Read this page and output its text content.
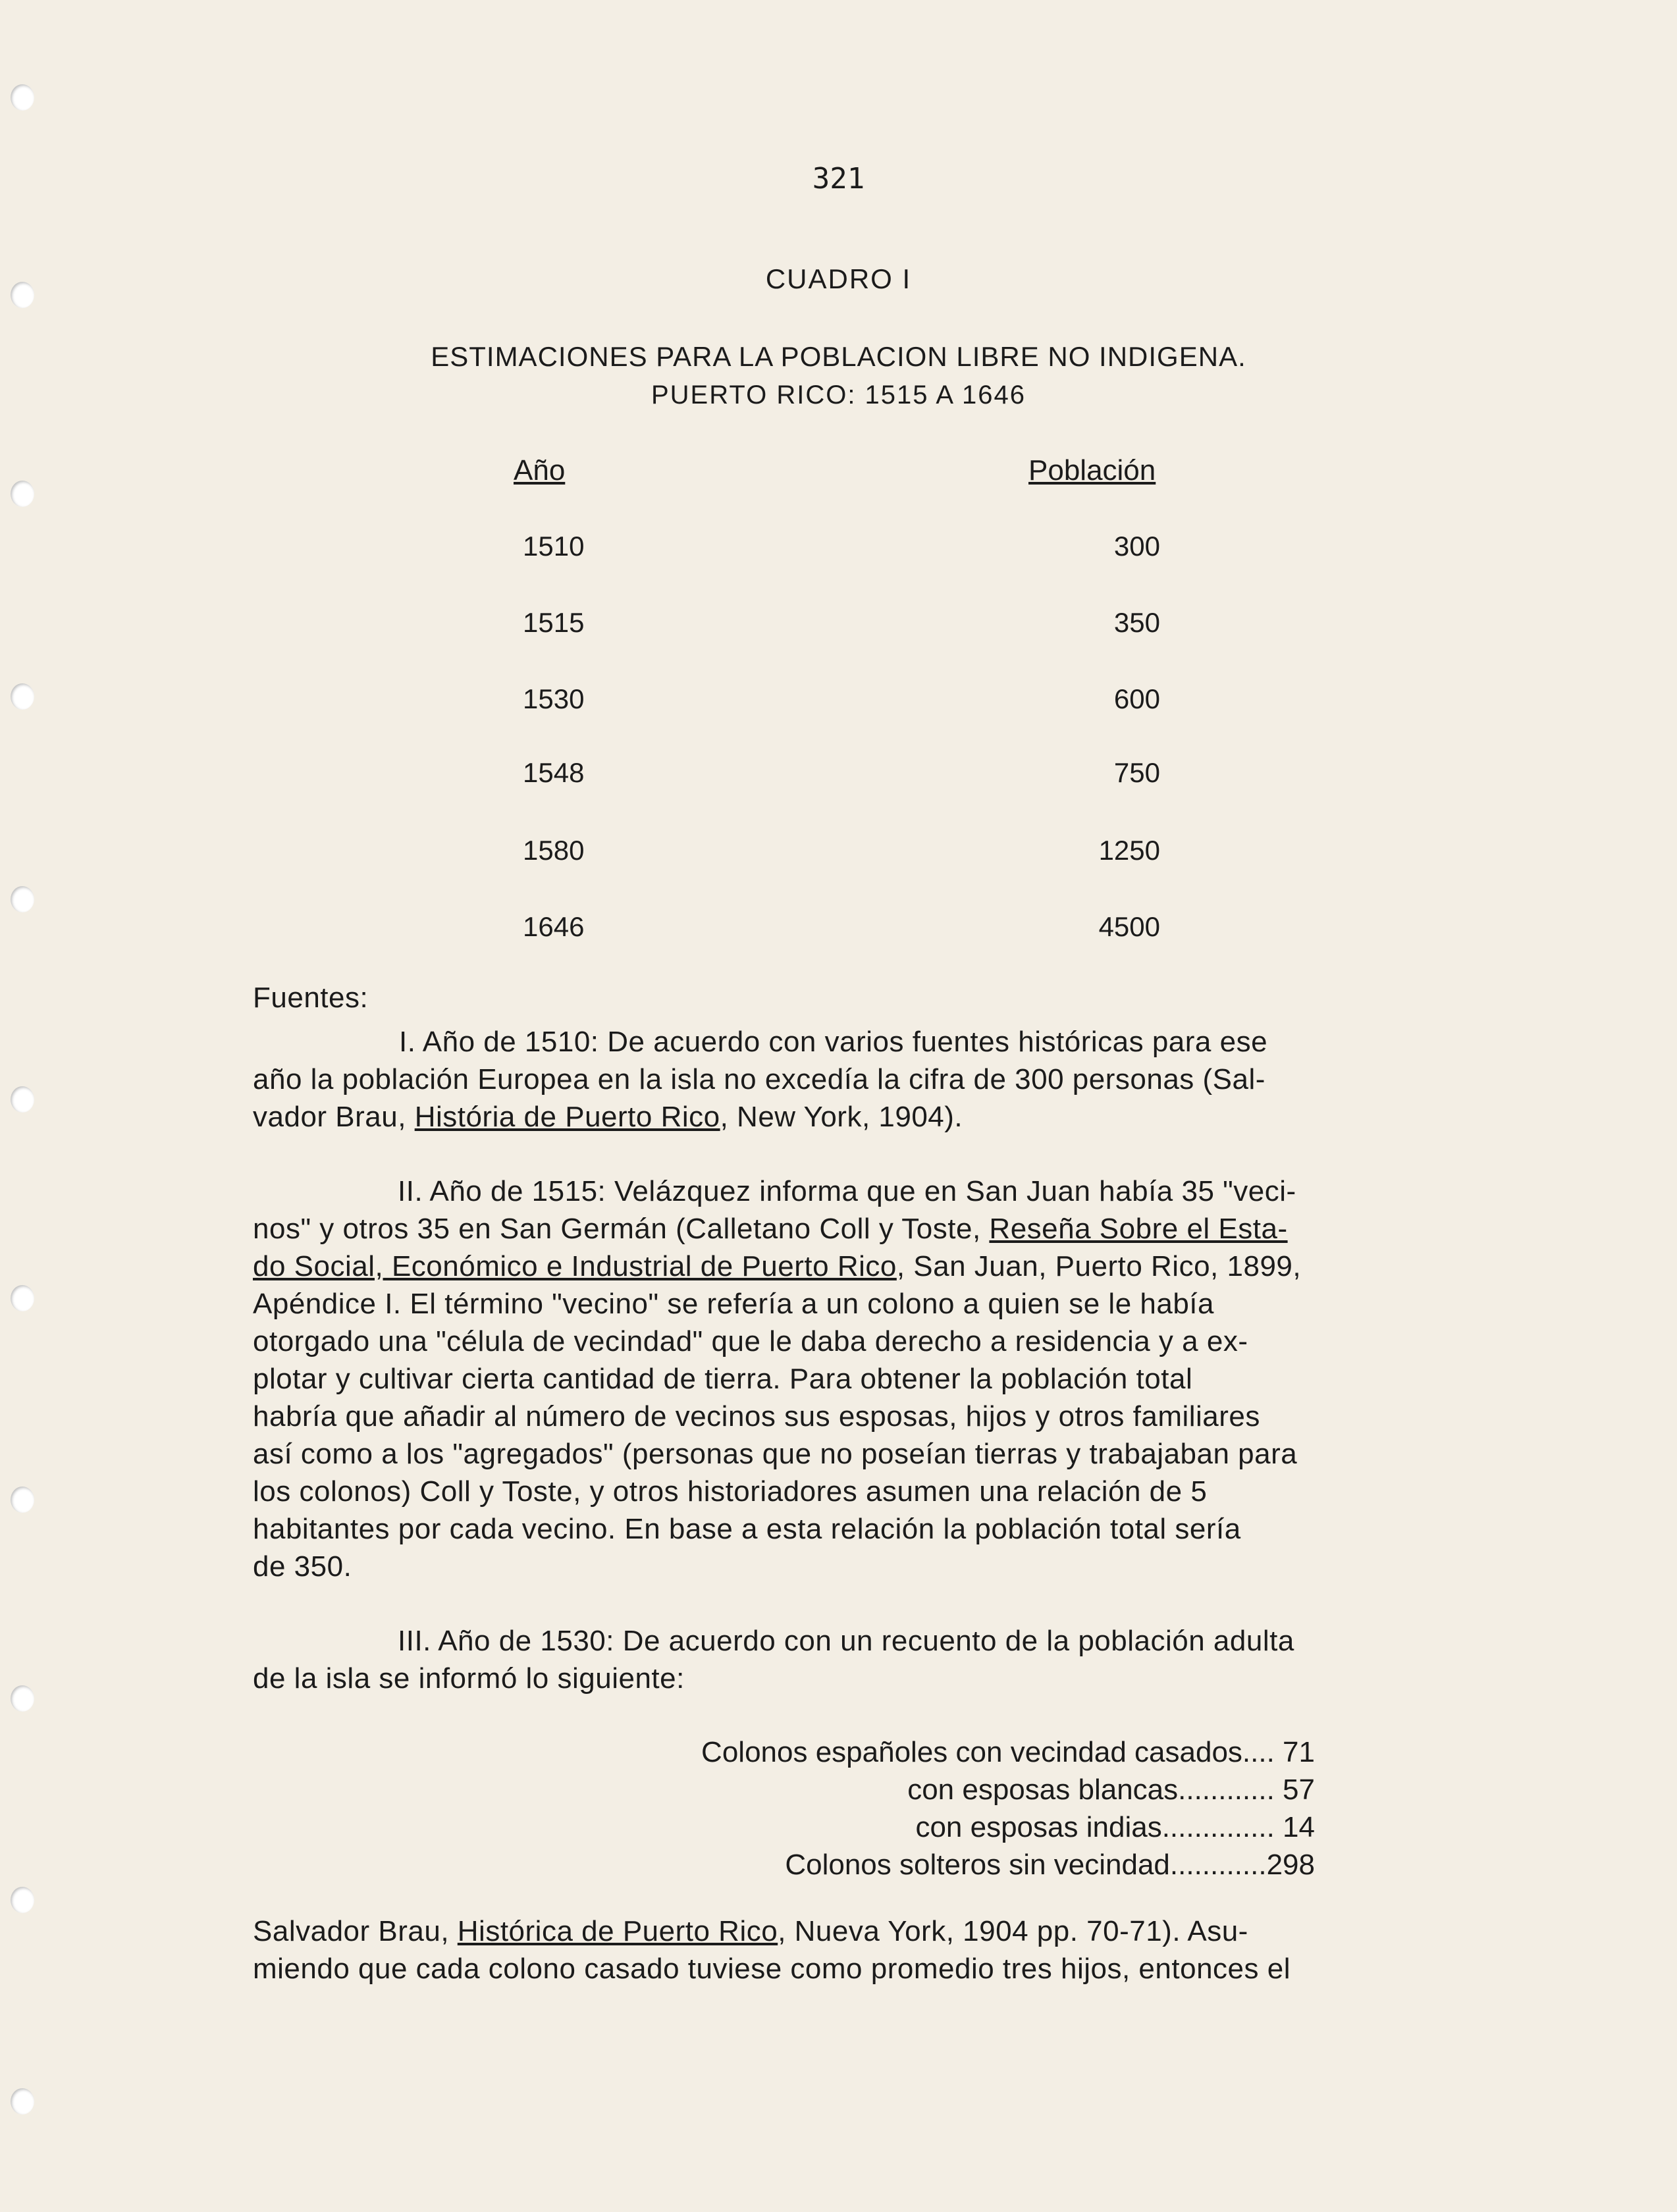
321
CUADRO I
ESTIMACIONES PARA LA POBLACION LIBRE NO INDIGENA.
PUERTO RICO: 1515 A 1646
Año	Población
1510	300
1515	350
1530	600
1548	750
1580	1250
1646	4500
Fuentes:
I. Año de 1510: De acuerdo con varios fuentes históricas para ese
año la población Europea en la isla no excedía la cifra de 300 personas (Sal-
vador Brau, História de Puerto Rico, New York, 1904).
II. Año de 1515: Velázquez informa que en San Juan había 35 "veci-
nos" y otros 35 en San Germán (Calletano Coll y Toste, Reseña Sobre el Esta-
do Social, Económico e Industrial de Puerto Rico, San Juan, Puerto Rico, 1899,
Apéndice I. El término "vecino" se refería a un colono a quien se le había
otorgado una "célula de vecindad" que le daba derecho a residencia y a ex-
plotar y cultivar cierta cantidad de tierra. Para obtener la población total
habría que añadir al número de vecinos sus esposas, hijos y otros familiares
así como a los "agregados" (personas que no poseían tierras y trabajaban para
los colonos) Coll y Toste, y otros historiadores asumen una relación de 5
habitantes por cada vecino. En base a esta relación la población total sería
de 350.
III. Año de 1530: De acuerdo con un recuento de la población adulta
de la isla se informó lo siguiente:
Colonos españoles con vecindad casados.... 71
con esposas blancas............ 57
con esposas indias.............. 14
Colonos solteros sin vecindad............298
Salvador Brau, Histórica de Puerto Rico, Nueva York, 1904 pp. 70-71). Asu-
miendo que cada colono casado tuviese como promedio tres hijos, entonces el
